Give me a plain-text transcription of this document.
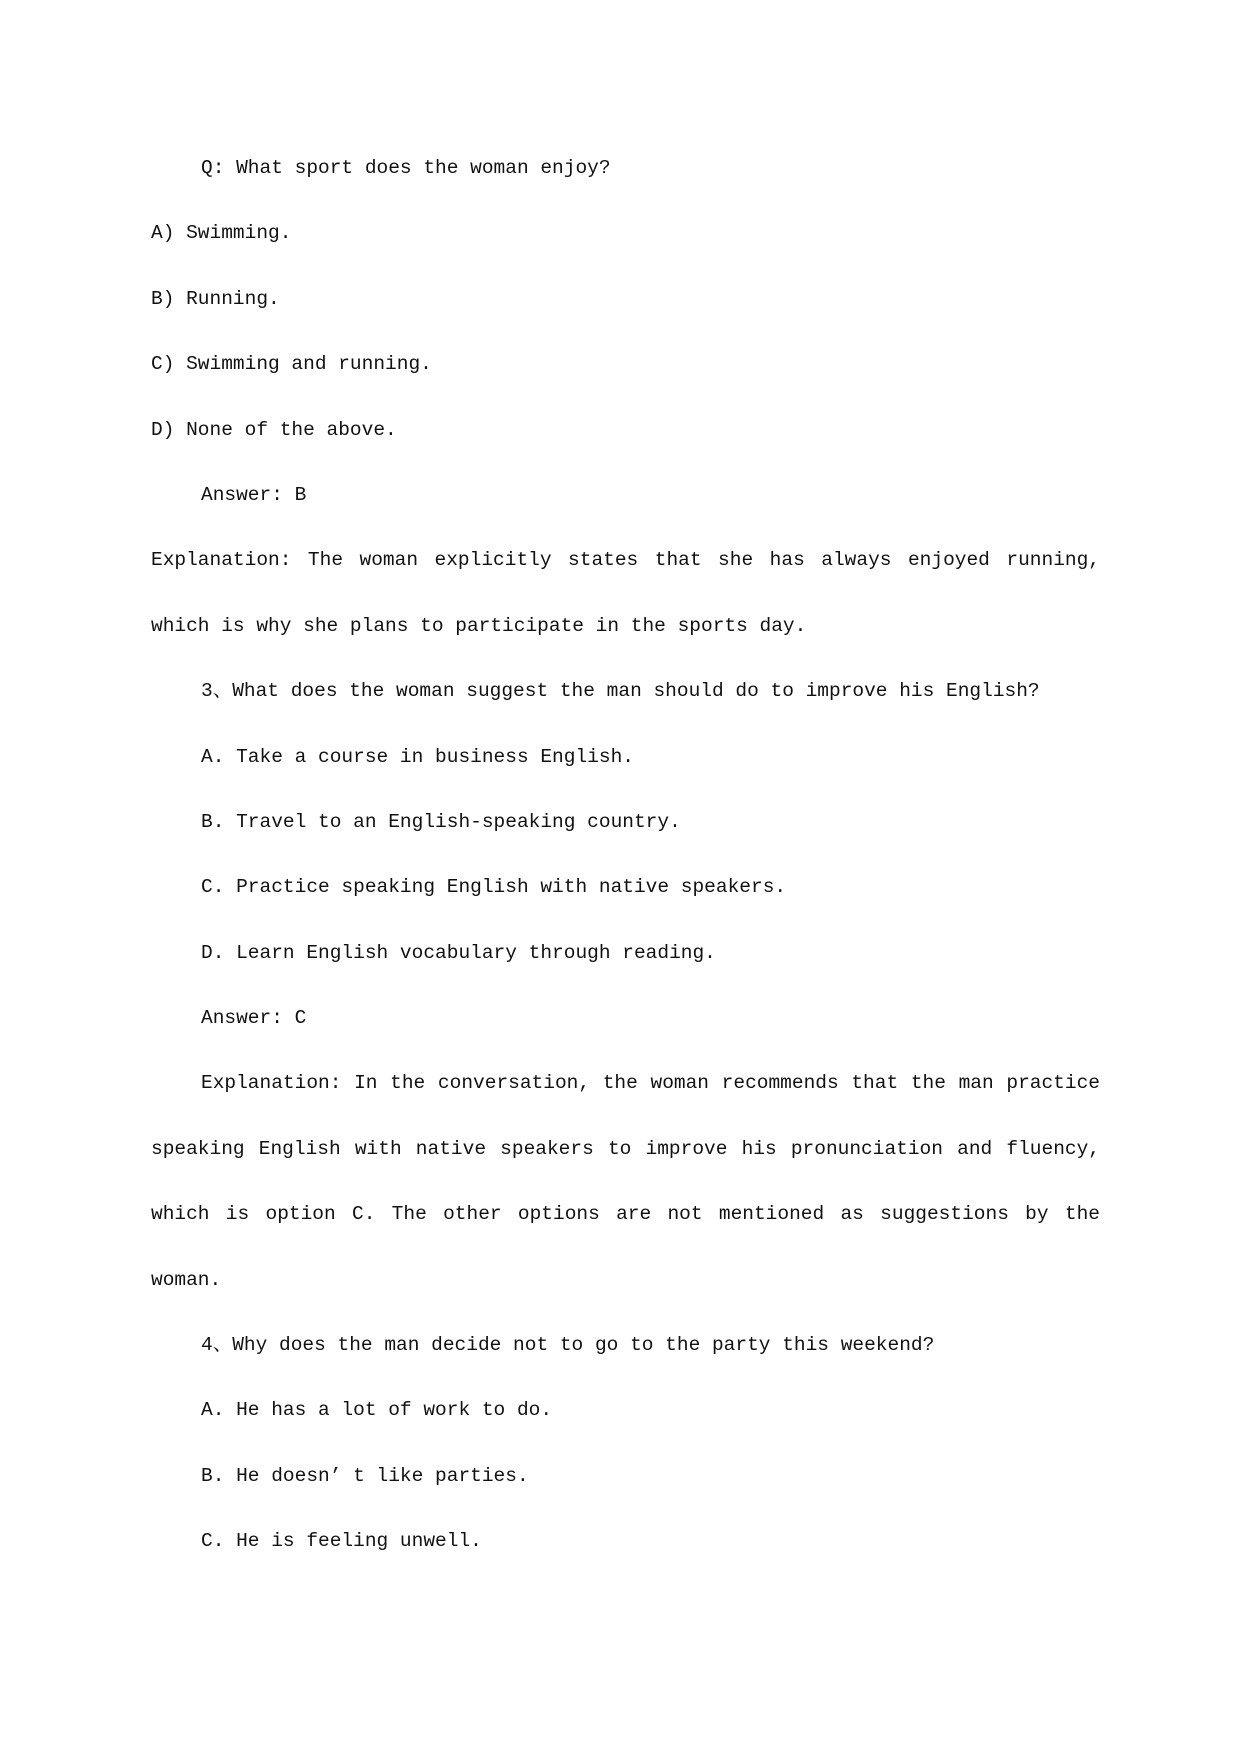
Q: What sport does the woman enjoy?
A) Swimming.
B) Running.
C) Swimming and running.
D) None of the above.
Answer: B
Explanation: The woman explicitly states that she has always enjoyed running,
which is why she plans to participate in the sports day.
3、What does the woman suggest the man should do to improve his English?
A. Take a course in business English.
B. Travel to an English-speaking country.
C. Practice speaking English with native speakers.
D. Learn English vocabulary through reading.
Answer: C
Explanation: In the conversation, the woman recommends that the man practice
speaking English with native speakers to improve his pronunciation and fluency,
which is option C. The other options are not mentioned as suggestions by the
woman.
4、Why does the man decide not to go to the party this weekend?
A. He has a lot of work to do.
B. He doesn’ t like parties.
C. He is feeling unwell.
